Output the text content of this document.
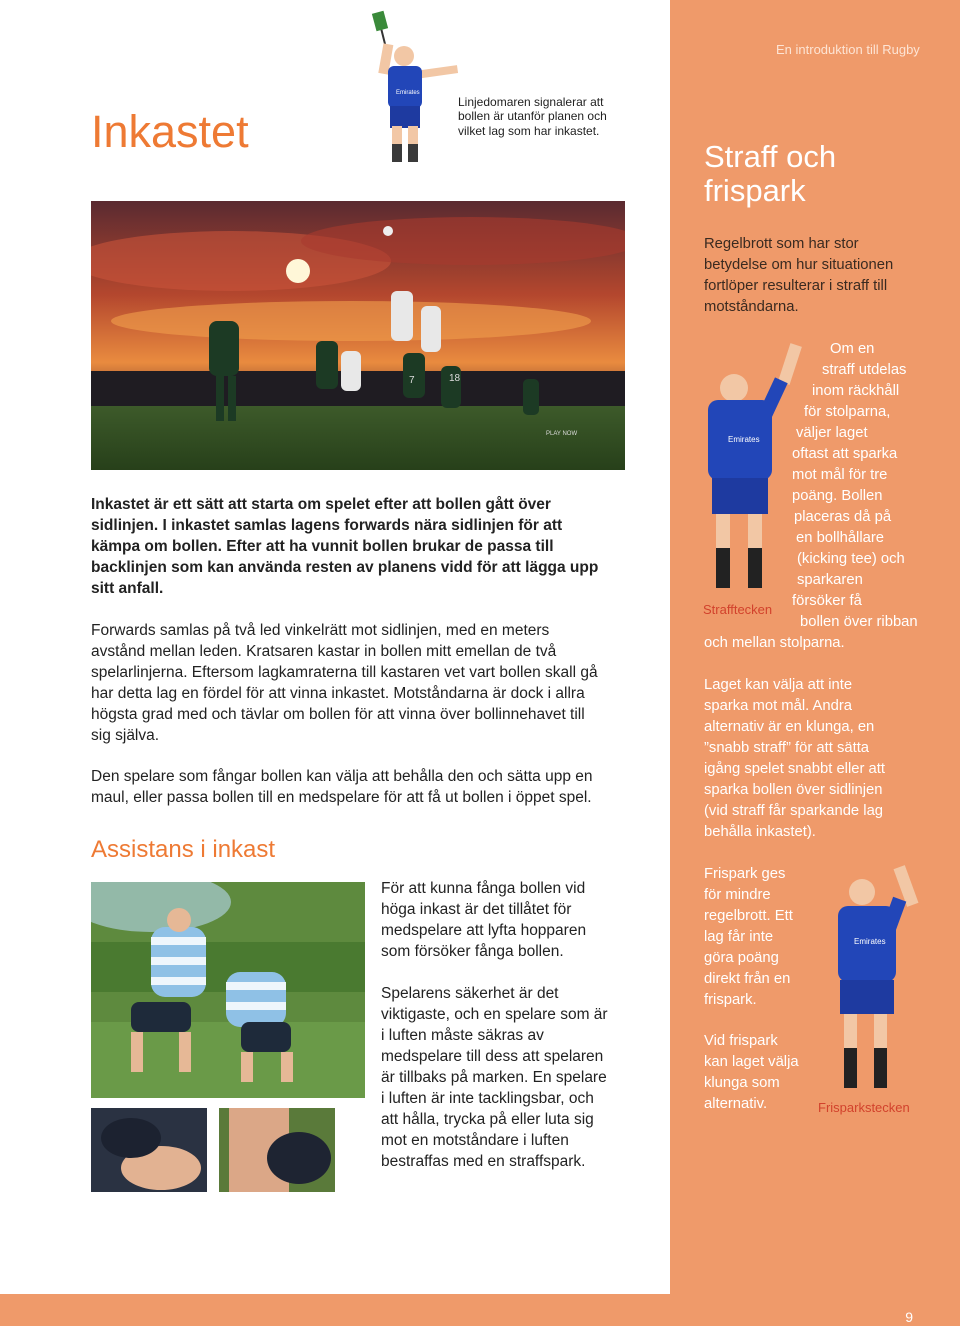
9
En introduktion till Rugby
Inkastet
Emirates
Linjedomaren signalerar att bollen är utanför planen och vilket lag som har inkastet.
7	18
PLAY NOW
Inkastet är ett sätt att starta om spelet efter att bollen gått över
sidlinjen. I inkastet samlas lagens forwards nära sidlinjen för att
kämpa om bollen. Efter att ha vunnit bollen brukar de passa till
backlinjen som kan använda resten av planens vidd för att lägga upp
sitt anfall.
Forwards samlas på två led vinkelrätt mot sidlinjen, med en meters
avstånd mellan leden. Kratsaren kastar in bollen mitt emellan de två
spelarlinjerna. Eftersom lagkamraterna till kastaren vet vart bollen skall gå
har detta lag en fördel för att vinna inkastet. Motståndarna är dock i allra
högsta grad med och tävlar om bollen för att vinna över bollinnehavet till
sig själva.
Den spelare som fångar bollen kan välja att behålla den och sätta upp en
maul, eller passa bollen till en medspelare för att få ut bollen i öppet spel.
Assistans i inkast
För att kunna fånga bollen vid
höga inkast är det tillåtet för
medspelare att lyfta hopparen
som försöker fånga bollen.
Spelarens säkerhet är det
viktigaste, och en spelare som är
i luften måste säkras av
medspelare till dess att spelaren
är tillbaks på marken. En spelare
i luften är inte tacklingsbar, och
att hålla, trycka på eller luta sig
mot en motståndare i luften
bestraffas med en straffspark.
Straff och frispark
Regelbrott som har stor
betydelse om hur situationen
fortlöper resulterar i straff till
motståndarna.
Emirates
Om en
straff utdelas
inom räckhåll
för stolparna,
väljer laget
oftast att sparka
mot mål för tre
poäng. Bollen
placeras då på
en bollhållare
(kicking tee) och
sparkaren
försöker få
bollen över ribban
och mellan stolparna.
Strafftecken
Laget kan välja att inte
sparka mot mål. Andra
alternativ är en klunga, en
”snabb straff” för att sätta
igång spelet snabbt eller att
sparka bollen över sidlinjen
(vid straff får sparkande lag
behålla inkastet).
Frispark ges
för mindre
regelbrott. Ett
lag får inte
göra poäng
direkt från en
frispark.
Vid frispark
kan laget välja
klunga som
alternativ.
Emirates
Frisparkstecken
